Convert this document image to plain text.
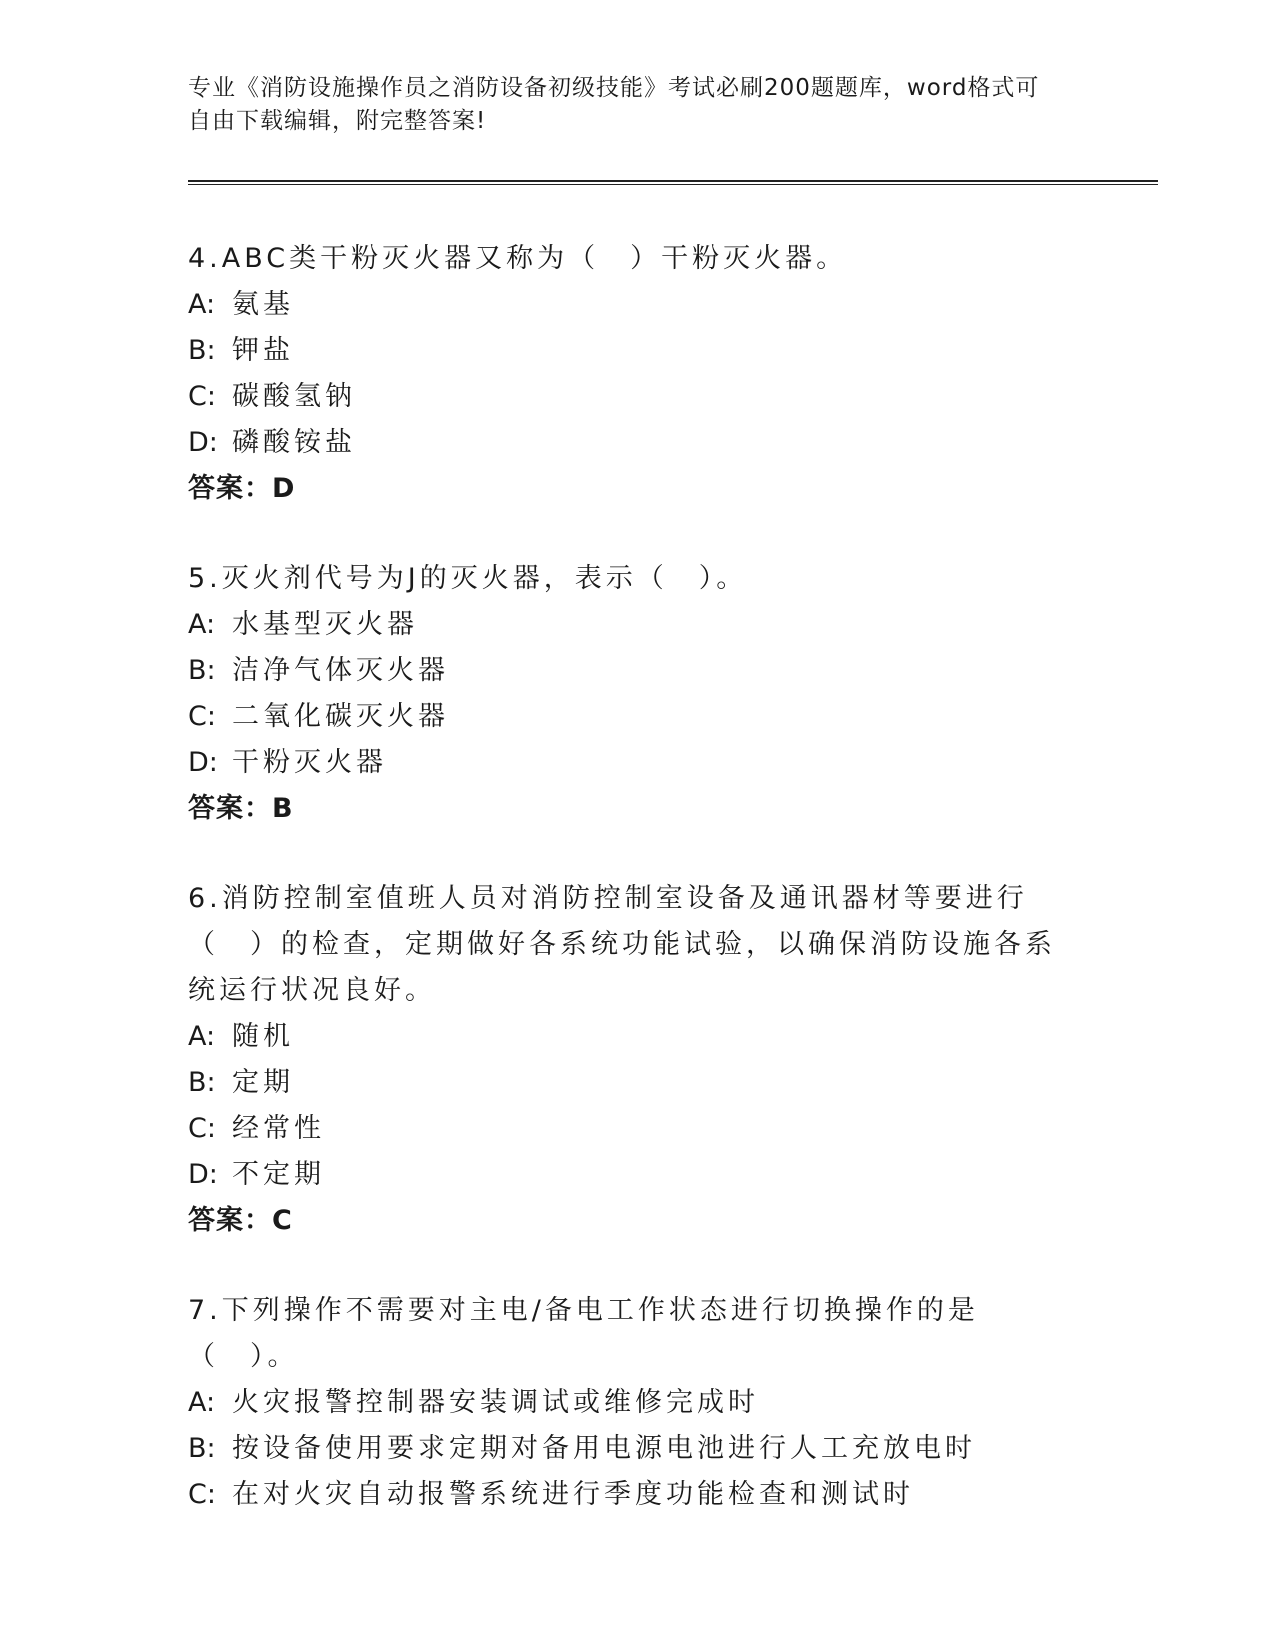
专业《消防设施操作员之消防设备初级技能》考试必刷200题题库，word格式可
自由下载编辑，附完整答案!

4.ABC类干粉灭火器又称为（　）干粉灭火器。

A: 氨基

B: 钾盐

C: 碳酸氢钠

D: 磷酸铵盐

答案：D

5.灭火剂代号为J的灭火器，表示（　）。

A: 水基型灭火器

B: 洁净气体灭火器

C: 二氧化碳灭火器

D: 干粉灭火器

答案：B

6.消防控制室值班人员对消防控制室设备及通讯器材等要进行（　）的检查，定期做好各系统功能试验，以确保消防设施各系统运行状况良好。

A: 随机

B: 定期

C: 经常性

D: 不定期

答案：C

7.下列操作不需要对主电/备电工作状态进行切换操作的是（　）。

A: 火灾报警控制器安装调试或维修完成时

B: 按设备使用要求定期对备用电源电池进行人工充放电时

C: 在对火灾自动报警系统进行季度功能检查和测试时
